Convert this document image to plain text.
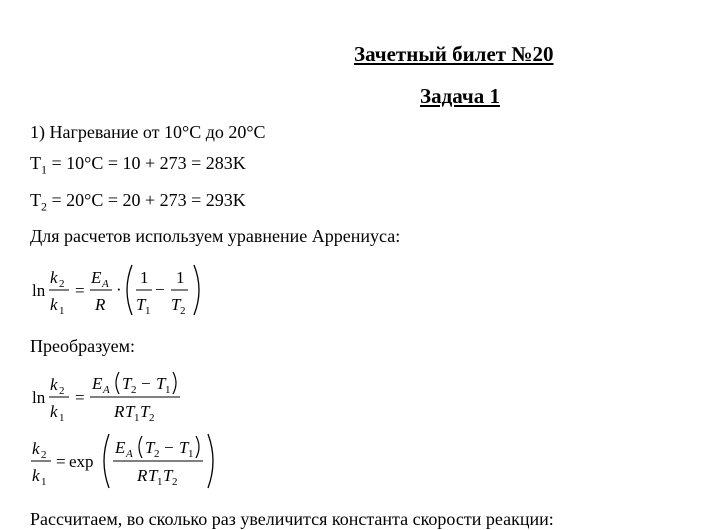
Зачетный билет №20
Задача 1
1) Нагревание от 10°С до 20°С
$T_1 = 10^\circ С = 10 + 273 = 283K$
$T_2 = 20^\circ С = 20 + 273 = 293K$
Для расчетов используем уравнение Аррениуса:
ln
k 2
k 1
=
E A
R
·
1
T 1
−
1
T 2
Преобразуем:
ln
k 2
k 1
=
E A T 2 − T 1
R T 1 T 2
k 2
k 1
= exp
E A T 2 − T 1
R T 1 T 2
Рассчитаем, во сколько раз увеличится константа скорости реакции:
